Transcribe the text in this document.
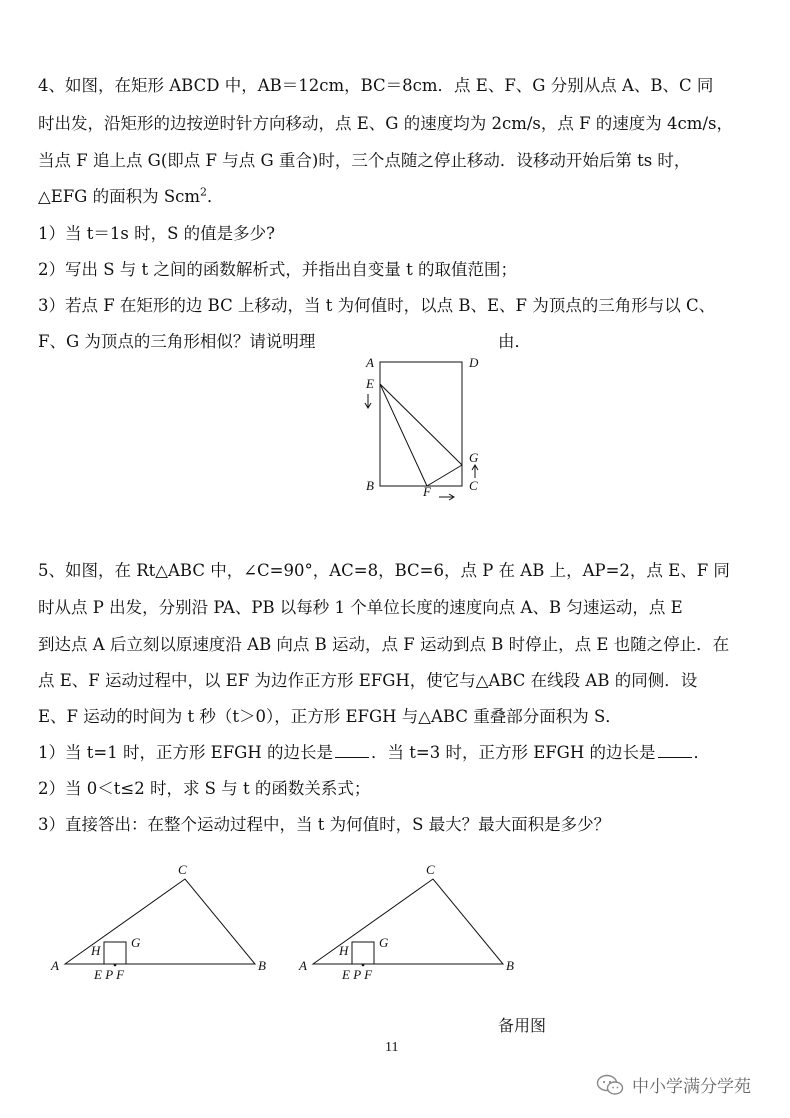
4、如图，在矩形 ABCD 中，AB＝12cm，BC＝8cm．点 E、F、G 分别从点 A、B、C 同
时出发，沿矩形的边按逆时针方向移动，点 E、G 的速度均为 2cm/s，点 F 的速度为 4cm/s，
当点 F 追上点 G(即点 F 与点 G 重合)时，三个点随之停止移动．设移动开始后第 ts 时，
△EFG 的面积为 Scm$^2$．
1）当 t＝1s 时，S 的值是多少?
2）写出 S 与 t 之间的函数解析式，并指出自变量 t 的取值范围；
3）若点 F 在矩形的边 BC 上移动，当 t 为何值时，以点 B、E、F 为顶点的三角形与以 C、
F、G 为顶点的三角形相似？请说明理	由．
A	D
E
G
B	F	C
5、如图，在 Rt△ABC 中，∠C=90°，AC=8，BC=6，点 P 在 AB 上，AP=2，点 E、F 同
时从点 P 出发，分别沿 PA、PB 以每秒 1 个单位长度的速度向点 A、B 匀速运动，点 E
到达点 A 后立刻以原速度沿 AB 向点 B 运动，点 F 运动到点 B 时停止，点 E 也随之停止．在
点 E、F 运动过程中，以 EF 为边作正方形 EFGH，使它与△ABC 在线段 AB 的同侧．设
E、F 运动的时间为 t 秒（t＞0），正方形 EFGH 与△ABC 重叠部分面积为 S．
1）当 t=1 时，正方形 EFGH 的边长是 ．当 t=3 时，正方形 EFGH 的边长是 ．
2）当 0＜t≤2 时，求 S 与 t 的函数关系式；
3）直接答出：在整个运动过程中，当 t 为何值时，S 最大？最大面积是多少？
A	B
C
H
G
E P F
A	B
C
H
G
E P F
备用图
11
中小学满分学苑
